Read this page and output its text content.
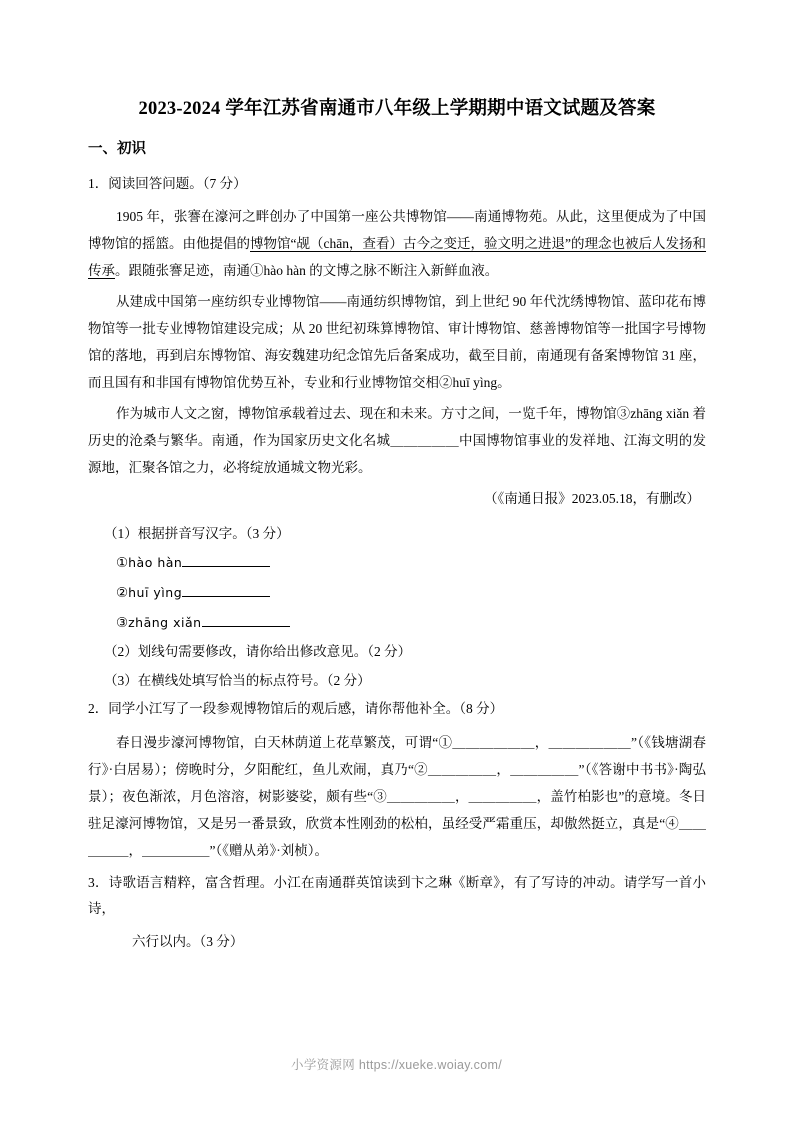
2023-2024 学年江苏省南通市八年级上学期期中语文试题及答案
一、初识

1．阅读回答问题。（7 分）

1905 年，张謇在濠河之畔创办了中国第一座公共博物馆——南通博物苑。从此，这里便成为了中国博物馆的摇篮。由他提倡的博物馆“觇（chān，查看）古今之变迁，验文明之进退”的理念也被后人发扬和传承。跟随张謇足迹，南通①hào hàn 的文博之脉不断注入新鲜血液。

从建成中国第一座纺织专业博物馆——南通纺织博物馆，到上世纪 90 年代沈绣博物馆、蓝印花布博物馆等一批专业博物馆建设完成；从 20 世纪初珠算博物馆、审计博物馆、慈善博物馆等一批国字号博物馆的落地，再到启东博物馆、海安魏建功纪念馆先后备案成功，截至目前，南通现有备案博物馆 31 座，而且国有和非国有博物馆优势互补，专业和行业博物馆交相②huī yìng。

作为城市人文之窗，博物馆承载着过去、现在和未来。方寸之间，一览千年，博物馆③zhāng xiǎn 着历史的沧桑与繁华。南通，作为国家历史文化名城＿＿＿＿＿中国博物馆事业的发祥地、江海文明的发源地，汇聚各馆之力，必将绽放通城文物光彩。

（《南通日报》2023.05.18，有删改）

（1）根据拼音写汉字。（3 分）

①hào hàn

②huī yìng

③zhāng xiǎn

（2）划线句需要修改，请你给出修改意见。（2 分）

（3）在横线处填写恰当的标点符号。（2 分）

2．同学小江写了一段参观博物馆后的观后感，请你帮他补全。（8 分）

春日漫步濠河博物馆，白天林荫道上花草繁茂，可谓“①＿＿＿＿＿＿，＿＿＿＿＿＿”（《钱塘湖春行》·白居易）；傍晚时分，夕阳酡红，鱼儿欢闹，真乃“②＿＿＿＿＿，＿＿＿＿＿”（《答谢中书书》·陶弘景）；夜色渐浓，月色溶溶，树影婆娑，颇有些“③＿＿＿＿＿，＿＿＿＿＿，盖竹柏影也”的意境。冬日驻足濠河博物馆，又是另一番景致，欣赏本性刚劲的松柏，虽经受严霜重压，却傲然挺立，真是“④＿＿＿＿＿，＿＿＿＿＿”（《赠从弟》·刘桢）。

3．诗歌语言精粹，富含哲理。小江在南通群英馆读到卞之琳《断章》，有了写诗的冲动。请学写一首小诗，

六行以内。（3 分）

小学资源网 https://xueke.woiay.com/
